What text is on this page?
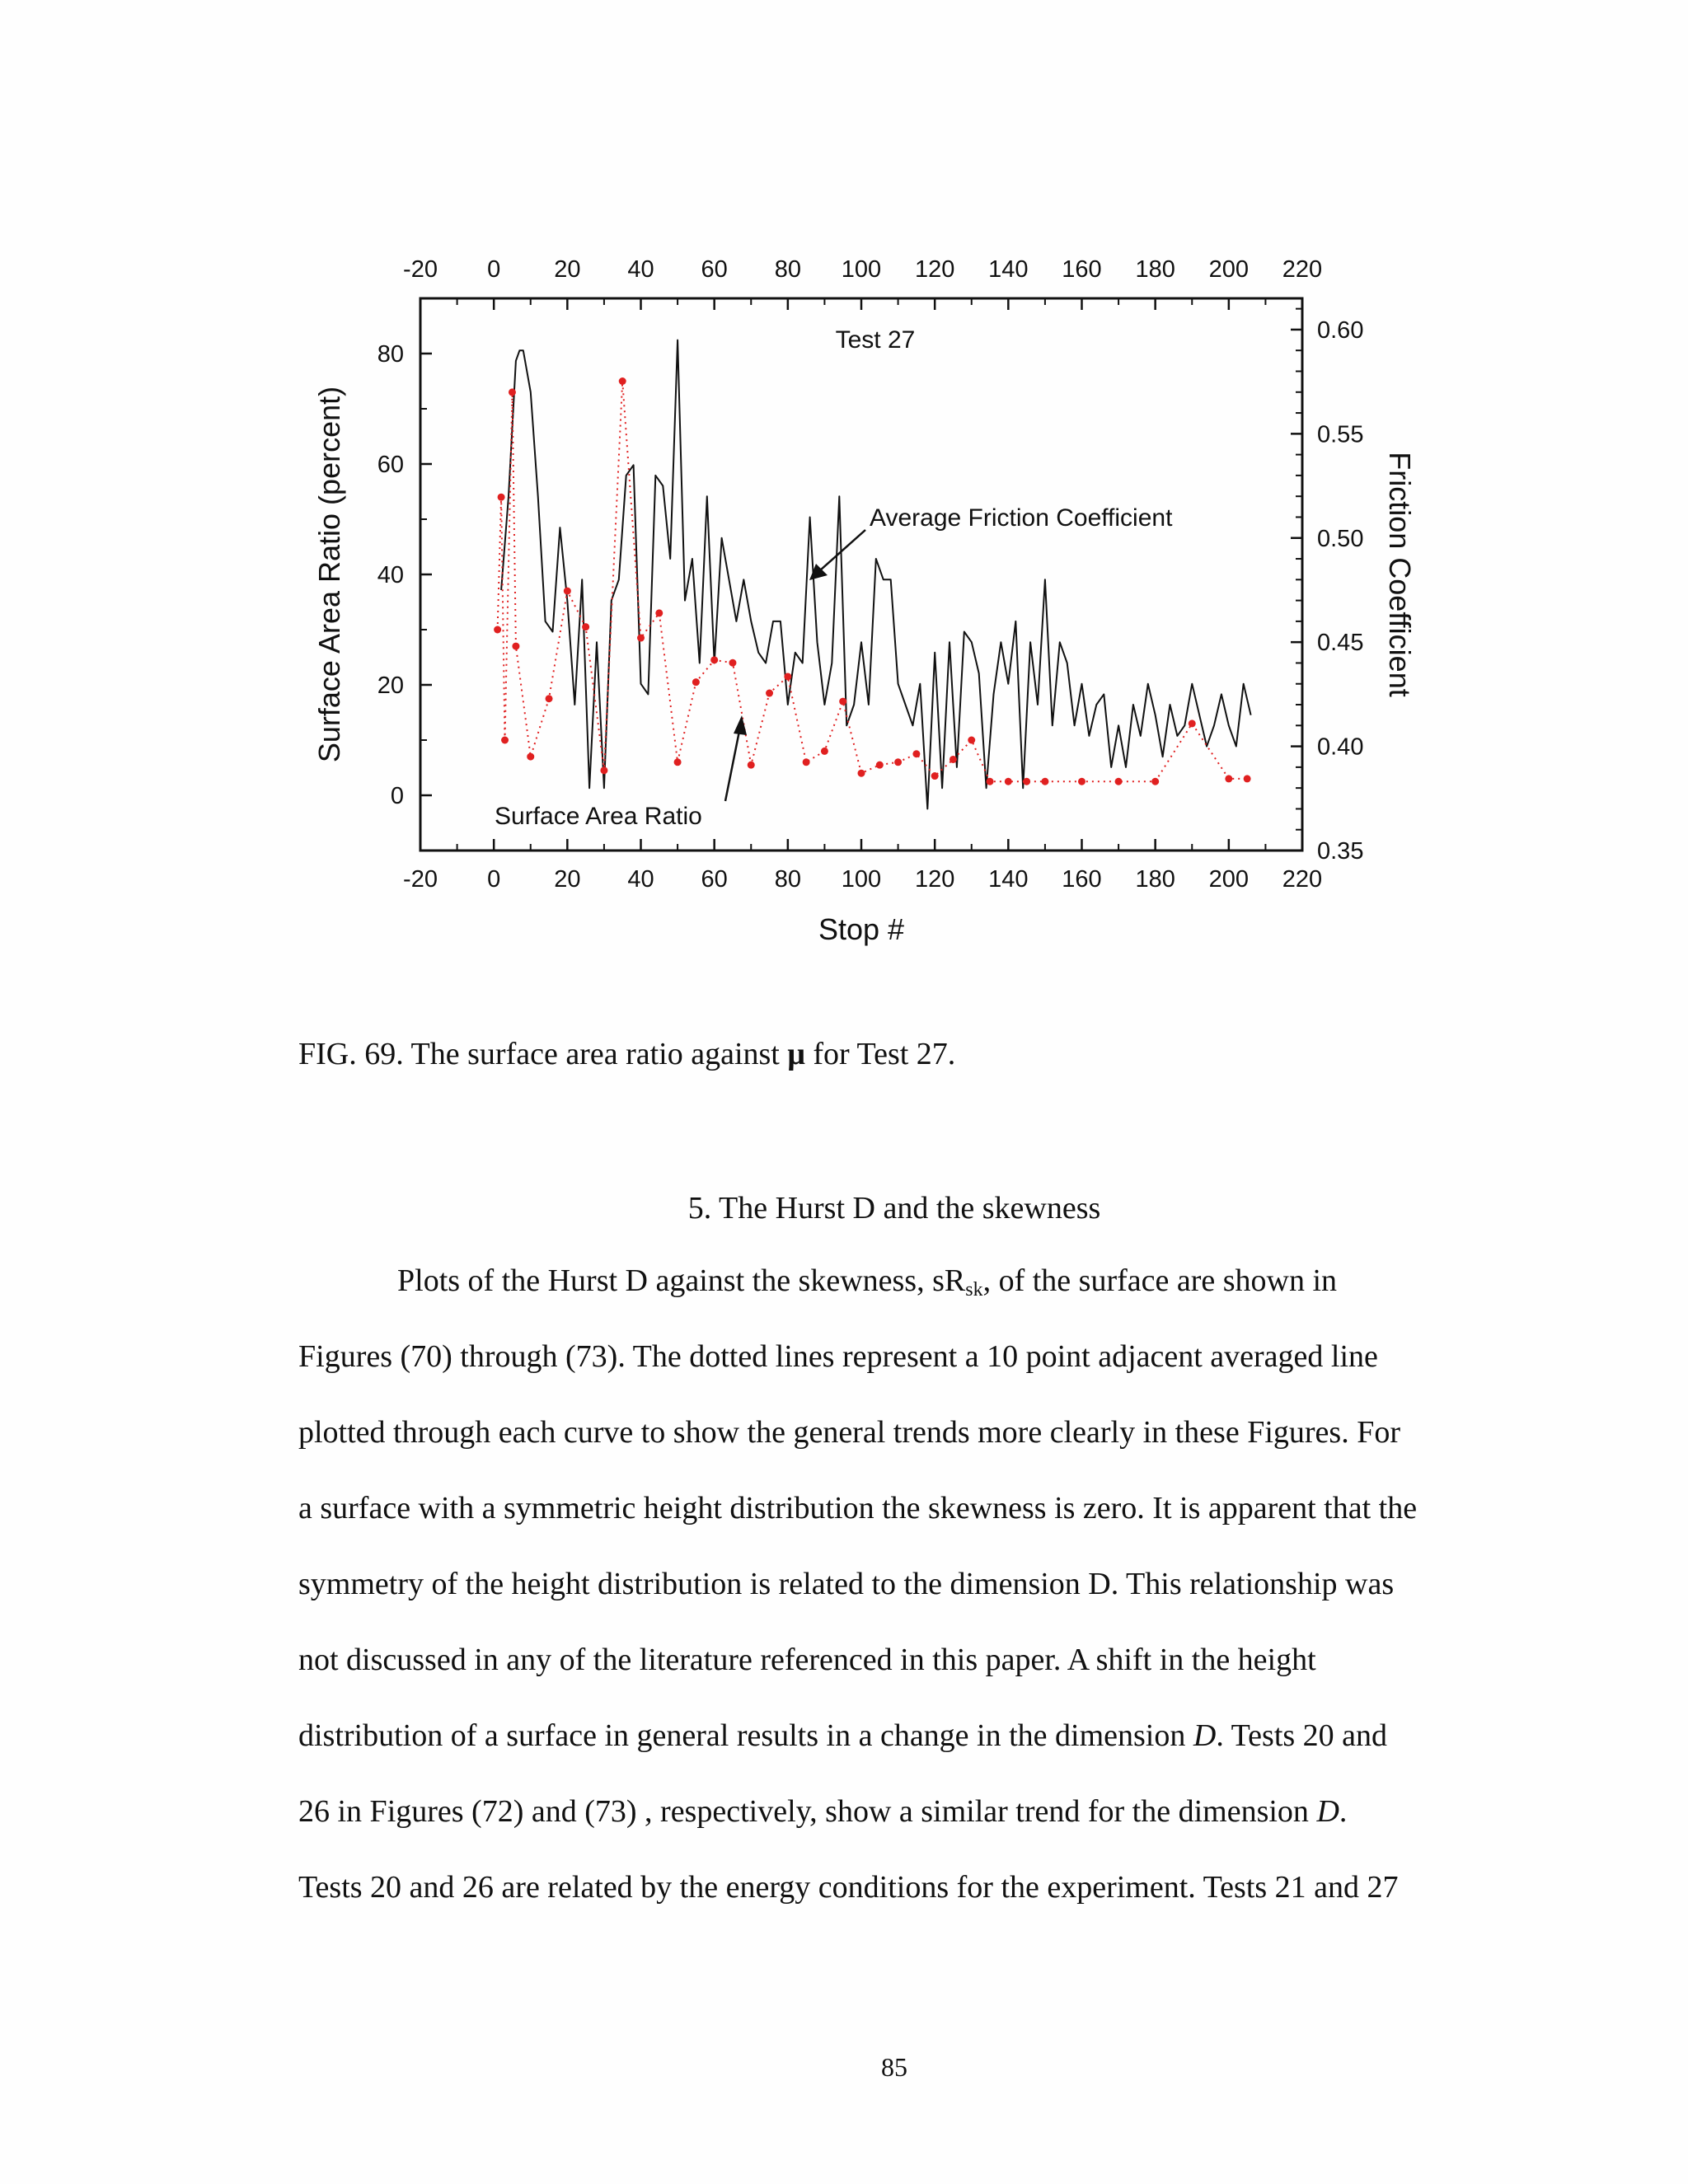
-20
-20
0
0
20
20
40
40
60
60
80
80
100
100
120
120
140
140
160
160
180
180
200
200
220
220
0
20
40
60
80
0.35
0.40
0.45
0.50
0.55
0.60
Test 27
Stop #
Surface Area Ratio (percent)	Friction Coefficient
Average Friction Coefficient
Surface Area Ratio
FIG. 69. The surface area ratio against μ for Test 27.
5. The Hurst D and the skewness
Plots of the Hurst D against the skewness, $sR_{sk}$, of the surface are shown in
Figures (70) through (73). The dotted lines represent a 10 point adjacent averaged line
plotted through each curve to show the general trends more clearly in these Figures. For
a surface with a symmetric height distribution the skewness is zero. It is apparent that the
symmetry of the height distribution is related to the dimension D. This relationship was
not discussed in any of the literature referenced in this paper. A shift in the height
distribution of a surface in general results in a change in the dimension D. Tests 20 and
26 in Figures (72) and (73) , respectively, show a similar trend for the dimension D.
Tests 20 and 26 are related by the energy conditions for the experiment. Tests 21 and 27
85
